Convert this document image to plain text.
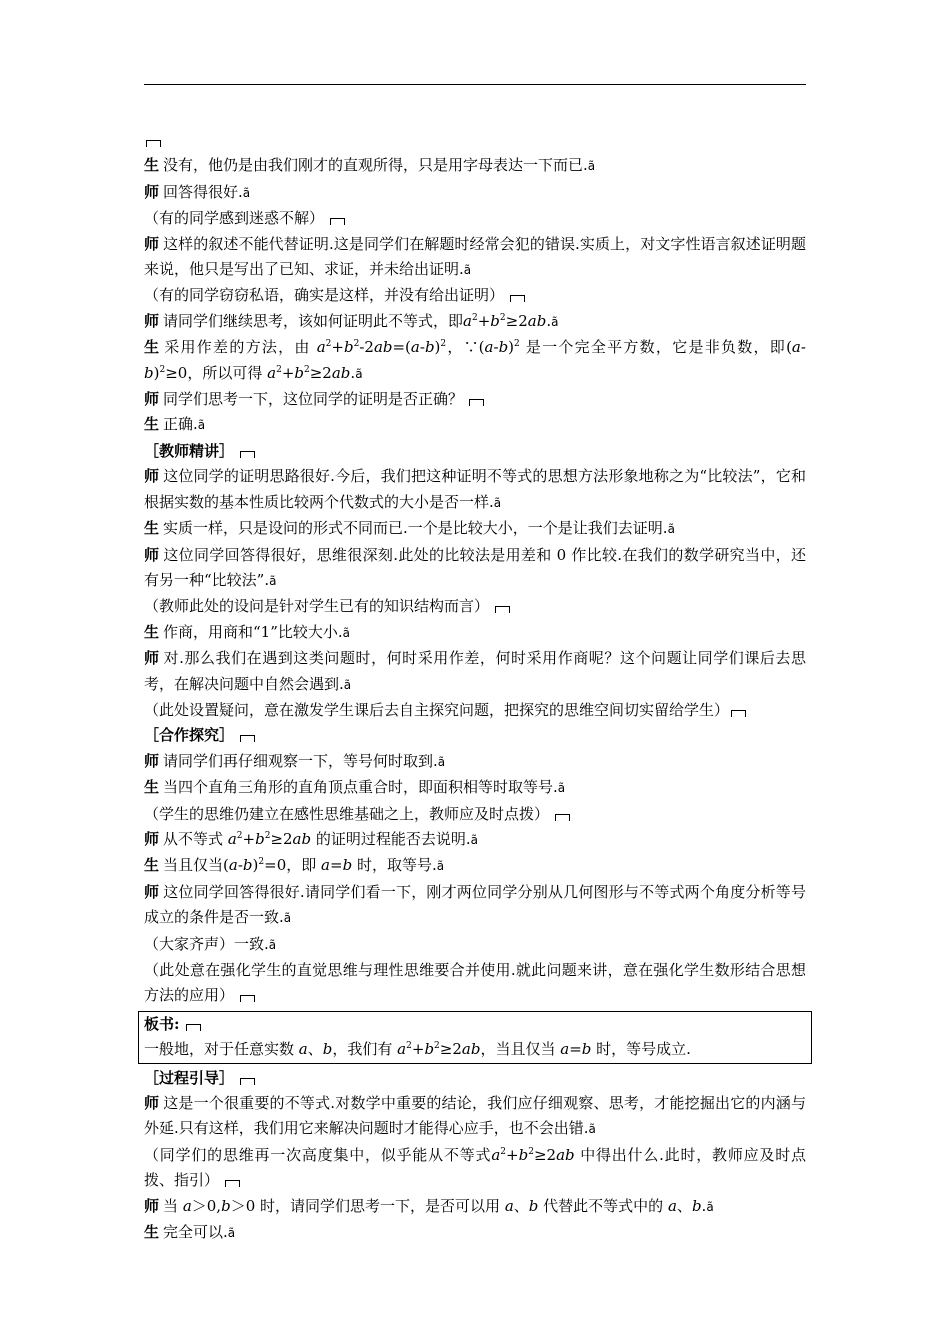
生 没有，他仍是由我们刚才的直观所得，只是用字母表达一下而已.ã
师 回答得很好.ã
（有的同学感到迷惑不解）
师 这样的叙述不能代替证明.这是同学们在解题时经常会犯的错误.实质上，对文字性语言叙述证明题来说，他只是写出了已知、求证，并未给出证明.ã
（有的同学窃窃私语，确实是这样，并没有给出证明）
师 请同学们继续思考，该如何证明此不等式，即$a^2+b^2\ge 2ab.ã$
生 采用作差的方法，由 $a^2+b^2-2ab=(a-b)^2$，$\because(a-b)^2$ 是一个完全平方数，它是非负数，即$(a-b)^2\ge 0$，所以可得 $a^2+b^2\ge 2ab.ã$
师 同学们思考一下，这位同学的证明是否正确？
生 正确.ã
［教师精讲］
师 这位同学的证明思路很好.今后，我们把这种证明不等式的思想方法形象地称之为“比较法”，它和根据实数的基本性质比较两个代数式的大小是否一样.ã
生 实质一样，只是设问的形式不同而已.一个是比较大小，一个是让我们去证明.ã
师 这位同学回答得很好，思维很深刻.此处的比较法是用差和 0 作比较.在我们的数学研究当中，还有另一种“比较法”.ã
（教师此处的设问是针对学生已有的知识结构而言）
生 作商，用商和“1”比较大小.ã
师 对.那么我们在遇到这类问题时，何时采用作差，何时采用作商呢？这个问题让同学们课后去思考，在解决问题中自然会遇到.ã
（此处设置疑问，意在激发学生课后去自主探究问题，把探究的思维空间切实留给学生）
［合作探究］
师 请同学们再仔细观察一下，等号何时取到.ã
生 当四个直角三角形的直角顶点重合时，即面积相等时取等号.ã
（学生的思维仍建立在感性思维基础之上，教师应及时点拨）
师 从不等式 $a^2+b^2\ge 2ab$ 的证明过程能否去说明.ã
生 当且仅当$(a-b)^2=0$，即 a=b 时，取等号.ã
师 这位同学回答得很好.请同学们看一下，刚才两位同学分别从几何图形与不等式两个角度分析等号成立的条件是否一致.ã
（大家齐声）一致.ã
（此处意在强化学生的直觉思维与理性思维要合并使用.就此问题来讲，意在强化学生数形结合思想方法的应用）
板书:
一般地，对于任意实数 a、b，我们有 $a^2+b^2\ge 2ab$，当且仅当 a=b 时，等号成立.
［过程引导］
师 这是一个很重要的不等式.对数学中重要的结论，我们应仔细观察、思考，才能挖掘出它的内涵与外延.只有这样，我们用它来解决问题时才能得心应手，也不会出错.ã
（同学们的思维再一次高度集中，似乎能从不等式$a^2+b^2\ge 2ab$ 中得出什么.此时，教师应及时点拨、指引）
师 当 a＞0,b＞0 时，请同学们思考一下，是否可以用 a、b 代替此不等式中的 a、b.ã
生 完全可以.ã
